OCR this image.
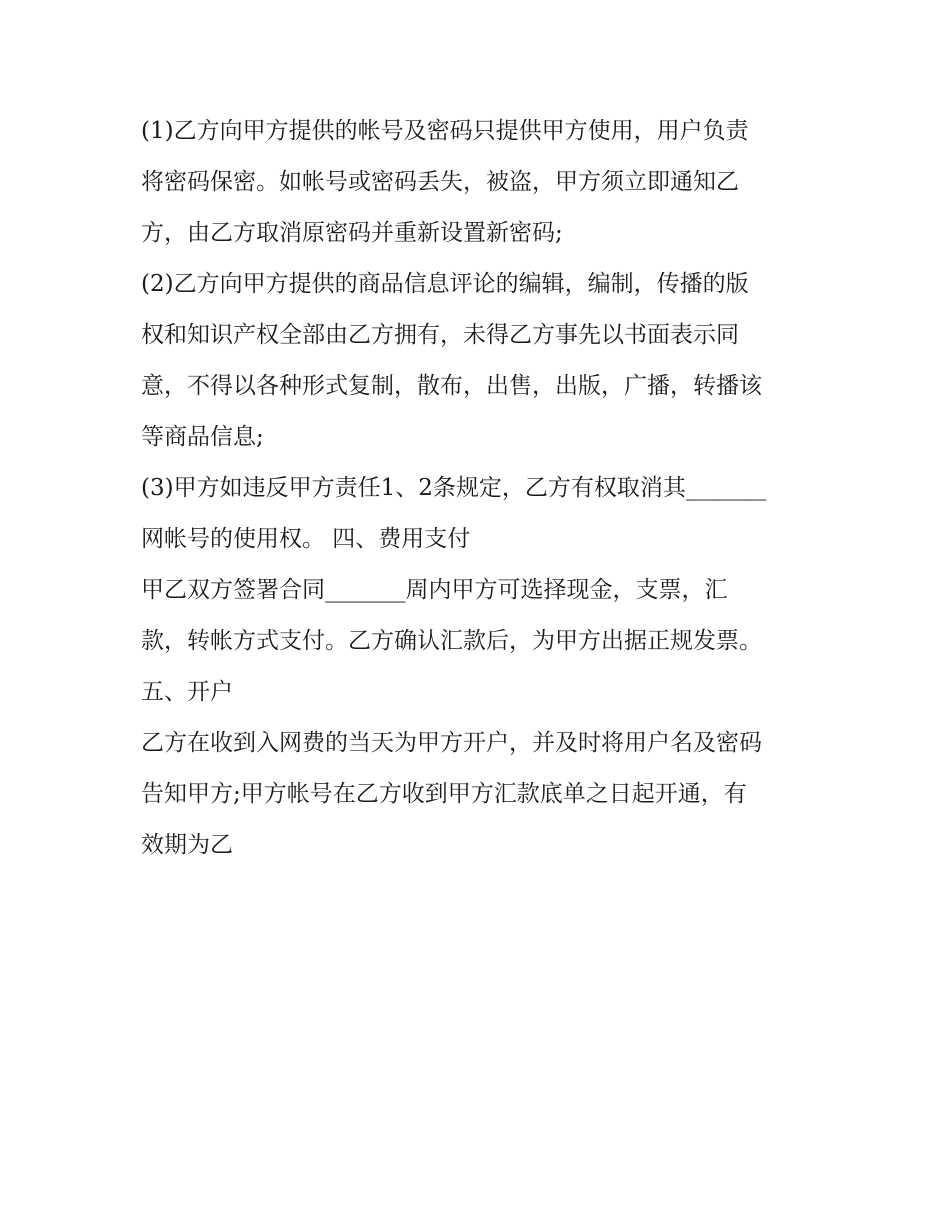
(1)乙方向甲方提供的帐号及密码只提供甲方使用，用户负责
将密码保密。如帐号或密码丢失，被盗，甲方须立即通知乙
方，由乙方取消原密码并重新设置新密码;
(2)乙方向甲方提供的商品信息评论的编辑，编制，传播的版
权和知识产权全部由乙方拥有，未得乙方事先以书面表示同
意，不得以各种形式复制，散布，出售，出版，广播，转播该
等商品信息;
(3)甲方如违反甲方责任1、2条规定，乙方有权取消其_______
网帐号的使用权。 四、费用支付
甲乙双方签署合同_______周内甲方可选择现金，支票，汇
款，转帐方式支付。乙方确认汇款后，为甲方出据正规发票。
五、开户
乙方在收到入网费的当天为甲方开户，并及时将用户名及密码
告知甲方;甲方帐号在乙方收到甲方汇款底单之日起开通，有
效期为乙
